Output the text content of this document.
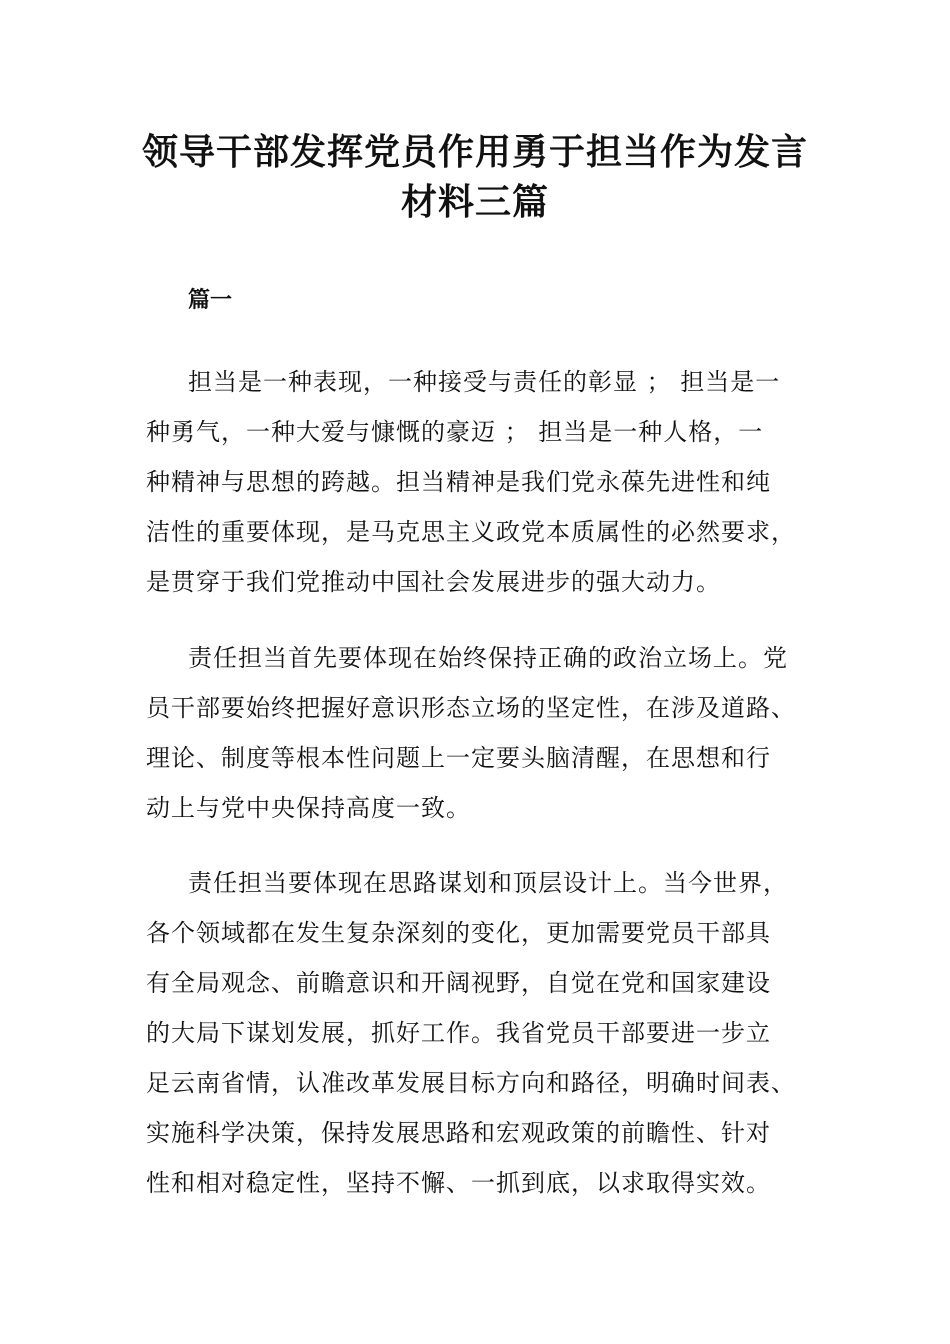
领导干部发挥党员作用勇于担当作为发言
材料三篇
篇一

担当是一种表现，一种接受与责任的彰显 ； 担当是一
种勇气，一种大爱与慷慨的豪迈 ； 担当是一种人格，一
种精神与思想的跨越。担当精神是我们党永葆先进性和纯
洁性的重要体现，是马克思主义政党本质属性的必然要求，
是贯穿于我们党推动中国社会发展进步的强大动力。

责任担当首先要体现在始终保持正确的政治立场上。党
员干部要始终把握好意识形态立场的坚定性，在涉及道路、
理论、制度等根本性问题上一定要头脑清醒，在思想和行
动上与党中央保持高度一致。

责任担当要体现在思路谋划和顶层设计上。当今世界，
各个领域都在发生复杂深刻的变化，更加需要党员干部具
有全局观念、前瞻意识和开阔视野，自觉在党和国家建设
的大局下谋划发展，抓好工作。我省党员干部要进一步立
足云南省情，认准改革发展目标方向和路径，明确时间表、
实施科学决策，保持发展思路和宏观政策的前瞻性、针对
性和相对稳定性，坚持不懈、一抓到底，以求取得实效。
